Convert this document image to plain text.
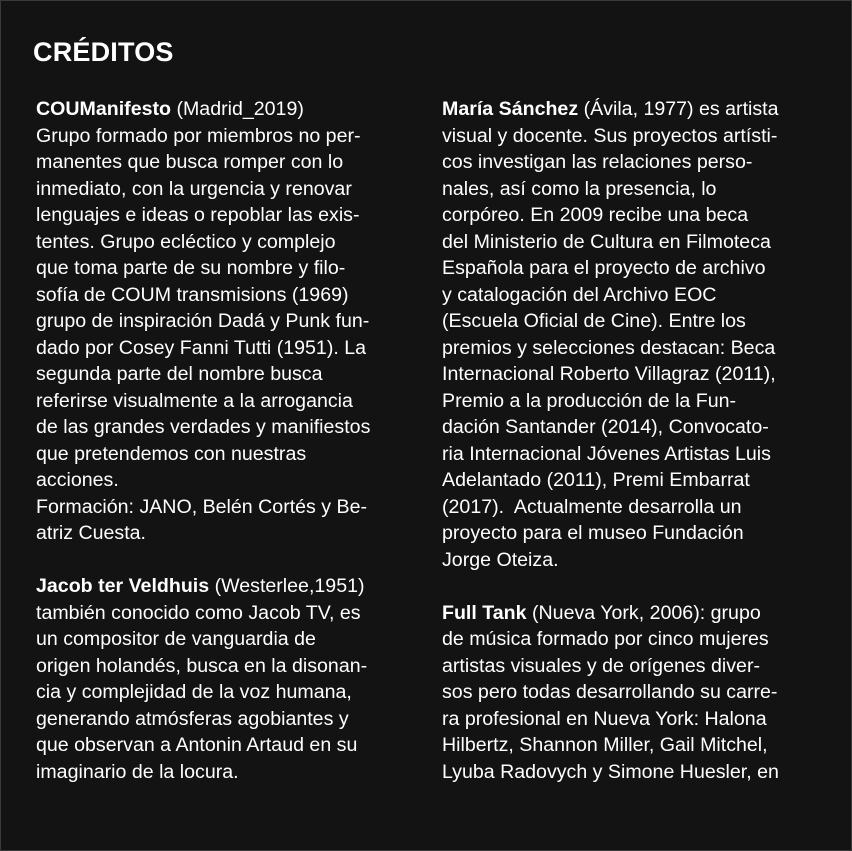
CRÉDITOS
COUManifesto (Madrid_2019)
Grupo formado por miembros no per-
manentes que busca romper con lo
inmediato, con la urgencia y renovar
lenguajes e ideas o repoblar las exis-
tentes. Grupo ecléctico y complejo
que toma parte de su nombre y filo-
sofía de COUM transmisions (1969)
grupo de inspiración Dadá y Punk fun-
dado por Cosey Fanni Tutti (1951). La
segunda parte del nombre busca
referirse visualmente a la arrogancia
de las grandes verdades y manifiestos
que pretendemos con nuestras
acciones.
Formación: JANO, Belén Cortés y Be-
atriz Cuesta.
Jacob ter Veldhuis (Westerlee,1951)
también conocido como Jacob TV, es
un compositor de vanguardia de
origen holandés, busca en la disonan-
cia y complejidad de la voz humana,
generando atmósferas agobiantes y
que observan a Antonin Artaud en su
imaginario de la locura.
María Sánchez (Ávila, 1977) es artista
visual y docente. Sus proyectos artísti-
cos investigan las relaciones perso-
nales, así como la presencia, lo
corpóreo. En 2009 recibe una beca
del Ministerio de Cultura en Filmoteca
Española para el proyecto de archivo
y catalogación del Archivo EOC
(Escuela Oficial de Cine). Entre los
premios y selecciones destacan: Beca
Internacional Roberto Villagraz (2011),
Premio a la producción de la Fun-
dación Santander (2014), Convocato-
ria Internacional Jóvenes Artistas Luis
Adelantado (2011), Premi Embarrat
(2017).  Actualmente desarrolla un
proyecto para el museo Fundación
Jorge Oteiza.
Full Tank (Nueva York, 2006): grupo
de música formado por cinco mujeres
artistas visuales y de orígenes diver-
sos pero todas desarrollando su carre-
ra profesional en Nueva York: Halona
Hilbertz, Shannon Miller, Gail Mitchel,
Lyuba Radovych y Simone Huesler, en
